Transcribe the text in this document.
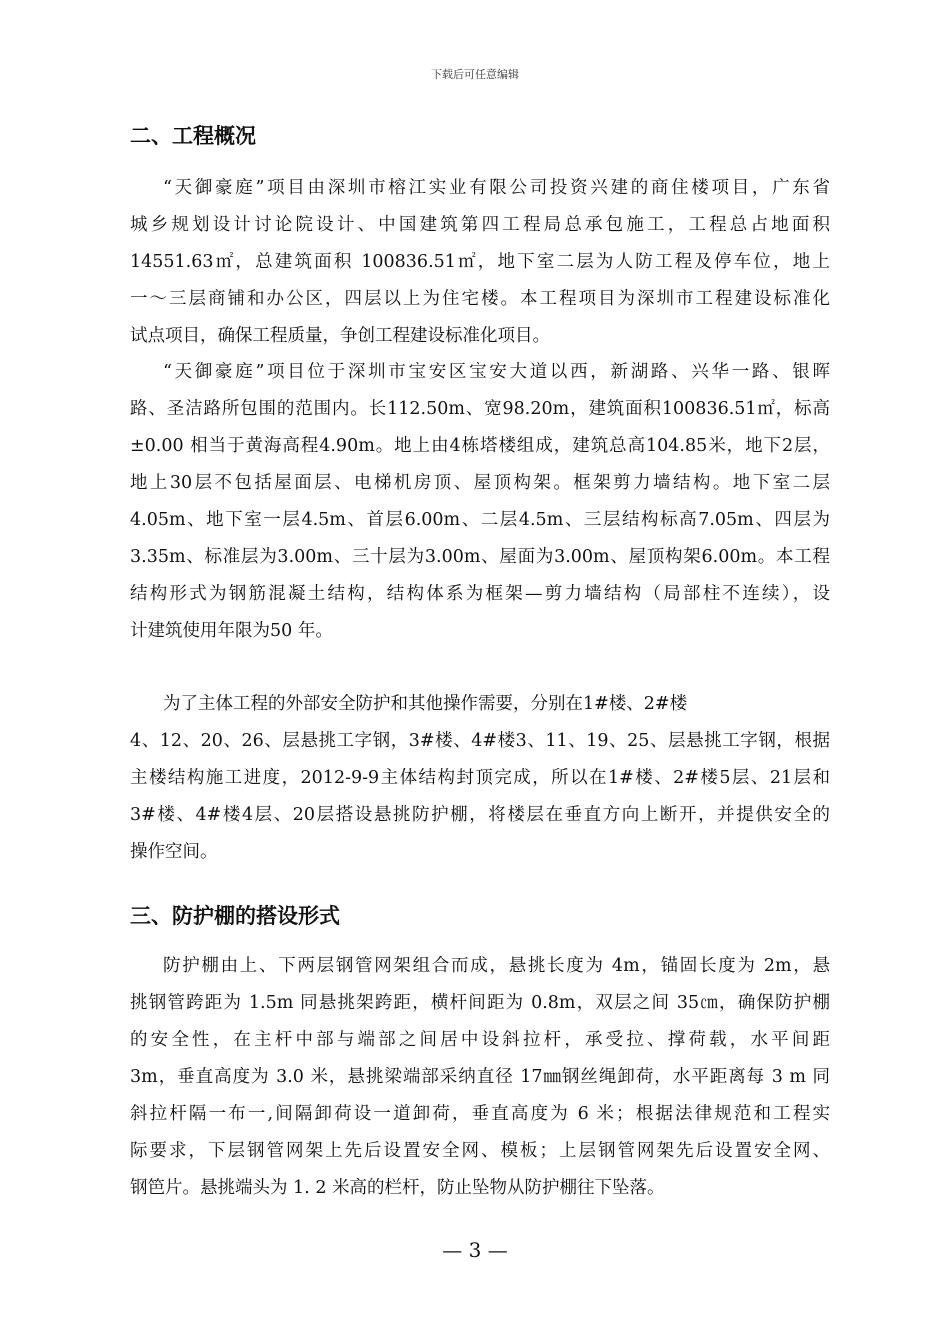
下载后可任意编辑
二、工程概况
“天御豪庭”项目由深圳市榕江实业有限公司投资兴建的商住楼项目，广东省
城乡规划设计讨论院设计、中国建筑第四工程局总承包施工，工程总占地面积
14551.63㎡，总建筑面积 100836.51㎡，地下室二层为人防工程及停车位，地上
一～三层商铺和办公区，四层以上为住宅楼。本工程项目为深圳市工程建设标准化
试点项目，确保工程质量，争创工程建设标准化项目。
“天御豪庭”项目位于深圳市宝安区宝安大道以西，新湖路、兴华一路、银晖
路、圣洁路所包围的范围内。长112.50m、宽98.20m，建筑面积100836.51㎡，标高
±0.00 相当于黄海高程4.90m。地上由4栋塔楼组成，建筑总高104.85米，地下2层，
地上30层不包括屋面层、电梯机房顶、屋顶构架。框架剪力墙结构。地下室二层
4.05m、地下室一层4.5m、首层6.00m、二层4.5m、三层结构标高7.05m、四层为
3.35m、标准层为3.00m、三十层为3.00m、屋面为3.00m、屋顶构架6.00m。本工程
结构形式为钢筋混凝土结构，结构体系为框架—剪力墙结构（局部柱不连续），设
计建筑使用年限为50 年。
为了主体工程的外部安全防护和其他操作需要，分别在1#楼、2#楼
4、12、20、26、层悬挑工字钢，3#楼、4#楼3、11、19、25、层悬挑工字钢，根据
主楼结构施工进度，2012-9-9主体结构封顶完成，所以在1#楼、2#楼5层、21层和
3#楼、4#楼4层、20层搭设悬挑防护棚，将楼层在垂直方向上断开，并提供安全的
操作空间。
三、防护棚的搭设形式
防护棚由上、下两层钢管网架组合而成，悬挑长度为 4m，锚固长度为 2m，悬
挑钢管跨距为 1.5m 同悬挑架跨距，横杆间距为 0.8m，双层之间 35㎝，确保防护棚
的安全性，在主杆中部与端部之间居中设斜拉杆，承受拉、撑荷载，水平间距
3m，垂直高度为 3.0 米，悬挑梁端部采纳直径 17㎜钢丝绳卸荷，水平距离每 3 m 同
斜拉杆隔一布一,间隔卸荷设一道卸荷，垂直高度为 6 米；根据法律规范和工程实
际要求，下层钢管网架上先后设置安全网、模板；上层钢管网架先后设置安全网、
钢笆片。悬挑端头为 1. 2 米高的栏杆，防止坠物从防护棚往下坠落。
— 3 —
